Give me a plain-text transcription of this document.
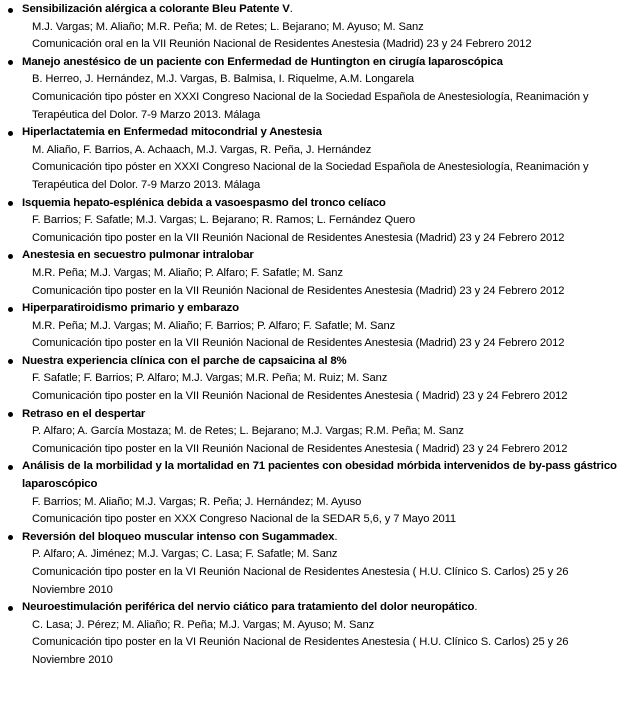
Sensibilización alérgica a colorante Bleu Patente V.
M.J. Vargas; M. Aliaño; M.R. Peña; M. de Retes; L. Bejarano; M. Ayuso; M. Sanz
Comunicación oral en la VII Reunión Nacional de Residentes Anestesia (Madrid) 23 y 24 Febrero 2012
Manejo anestésico de un paciente con Enfermedad de Huntington en cirugía laparoscópica
B. Herreo, J. Hernández, M.J. Vargas, B. Balmisa, I. Riquelme, A.M. Longarela
Comunicación tipo póster en XXXI Congreso Nacional de la Sociedad Española de Anestesiología, Reanimación y Terapéutica del Dolor. 7-9 Marzo 2013. Málaga
Hiperlactatemia en Enfermedad mitocondrial y Anestesia
M. Aliaño, F. Barrios, A. Achaach, M.J. Vargas, R. Peña, J. Hernández
Comunicación tipo póster en XXXI Congreso Nacional de la Sociedad Española de Anestesiología, Reanimación y Terapéutica del Dolor. 7-9 Marzo 2013. Málaga
Isquemia hepato-esplénica debida a vasoespasmo del tronco celíaco
F. Barrios; F. Safatle; M.J. Vargas; L. Bejarano; R. Ramos; L. Fernández Quero
Comunicación tipo poster en la VII Reunión Nacional de Residentes Anestesia (Madrid) 23 y 24 Febrero 2012
Anestesia en secuestro pulmonar intralobar
M.R. Peña; M.J. Vargas; M. Aliaño; P. Alfaro; F. Safatle; M. Sanz
Comunicación tipo poster en la VII Reunión Nacional de Residentes Anestesia (Madrid) 23 y 24 Febrero 2012
Hiperparatiroidismo primario y embarazo
M.R. Peña; M.J. Vargas; M. Aliaño; F. Barrios; P. Alfaro; F. Safatle; M. Sanz
Comunicación tipo poster en la VII Reunión Nacional de Residentes Anestesia (Madrid) 23 y 24 Febrero 2012
Nuestra experiencia clínica con el parche de capsaicina al 8%
F. Safatle; F. Barrios; P. Alfaro; M.J. Vargas; M.R. Peña; M. Ruiz; M. Sanz
Comunicación tipo poster en la VII Reunión Nacional de Residentes Anestesia ( Madrid) 23 y 24 Febrero 2012
Retraso en el despertar
P. Alfaro; A. García Mostaza; M. de Retes; L. Bejarano; M.J. Vargas; R.M. Peña; M. Sanz
Comunicación tipo poster en la VII Reunión Nacional de Residentes Anestesia ( Madrid) 23 y 24 Febrero 2012
Análisis de la morbilidad y la mortalidad en 71 pacientes con obesidad mórbida intervenidos de by-pass gástrico laparoscópico
F. Barrios; M. Aliaño; M.J. Vargas; R. Peña; J. Hernández; M. Ayuso
Comunicación tipo poster en XXX Congreso Nacional de la SEDAR 5,6, y 7 Mayo 2011
Reversión del bloqueo muscular intenso con Sugammadex.
P. Alfaro; A. Jiménez; M.J. Vargas; C. Lasa; F. Safatle; M. Sanz
Comunicación tipo poster en la VI Reunión Nacional de Residentes Anestesia ( H.U. Clínico S. Carlos) 25 y 26 Noviembre 2010
Neuroestimulación periférica del nervio ciático para tratamiento del dolor neuropático.
C. Lasa; J. Pérez; M. Aliaño; R. Peña; M.J. Vargas; M. Ayuso; M. Sanz
Comunicación tipo poster en la VI Reunión Nacional de Residentes Anestesia ( H.U. Clínico S. Carlos) 25 y 26 Noviembre 2010
